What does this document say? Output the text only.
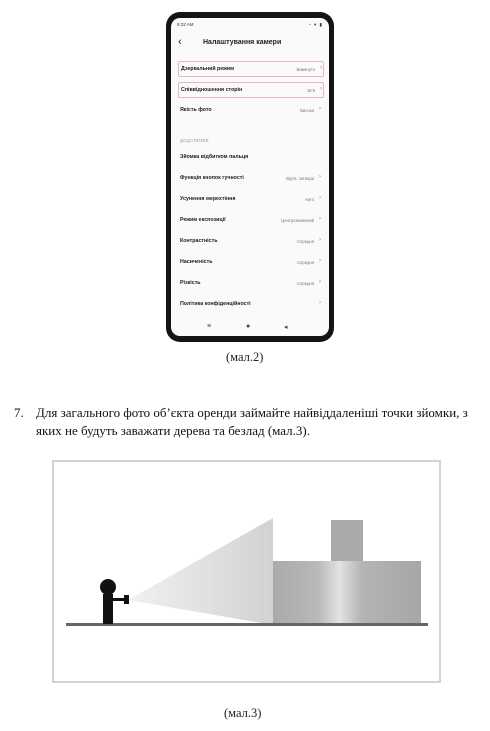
9:32 AM	◔ ▾ ▮
‹	Налаштування камери
Дзеркальний режим	Вимкнуто ›
Співвідношення сторін	16:9 ›
Якість фото	Висока ›
ДОДАТКОВЕ
Зйомка відбитком пальця
Функція кнопок гучності	Відтв. затвора ›
Усунення мерехтіння	Авто ›
Режим експозиції	Центрозважений ›
Контрастність	Середня ›
Насиченість	Середня ›
Різкість	Середня ›
Політика конфіденційності	›
≡	●	◂
(мал.2)
7. Для загального фото об’єкта оренди займайте найвіддаленіші точки зйомки, з яких не будуть заважати дерева та безлад (мал.3).
(мал.3)
